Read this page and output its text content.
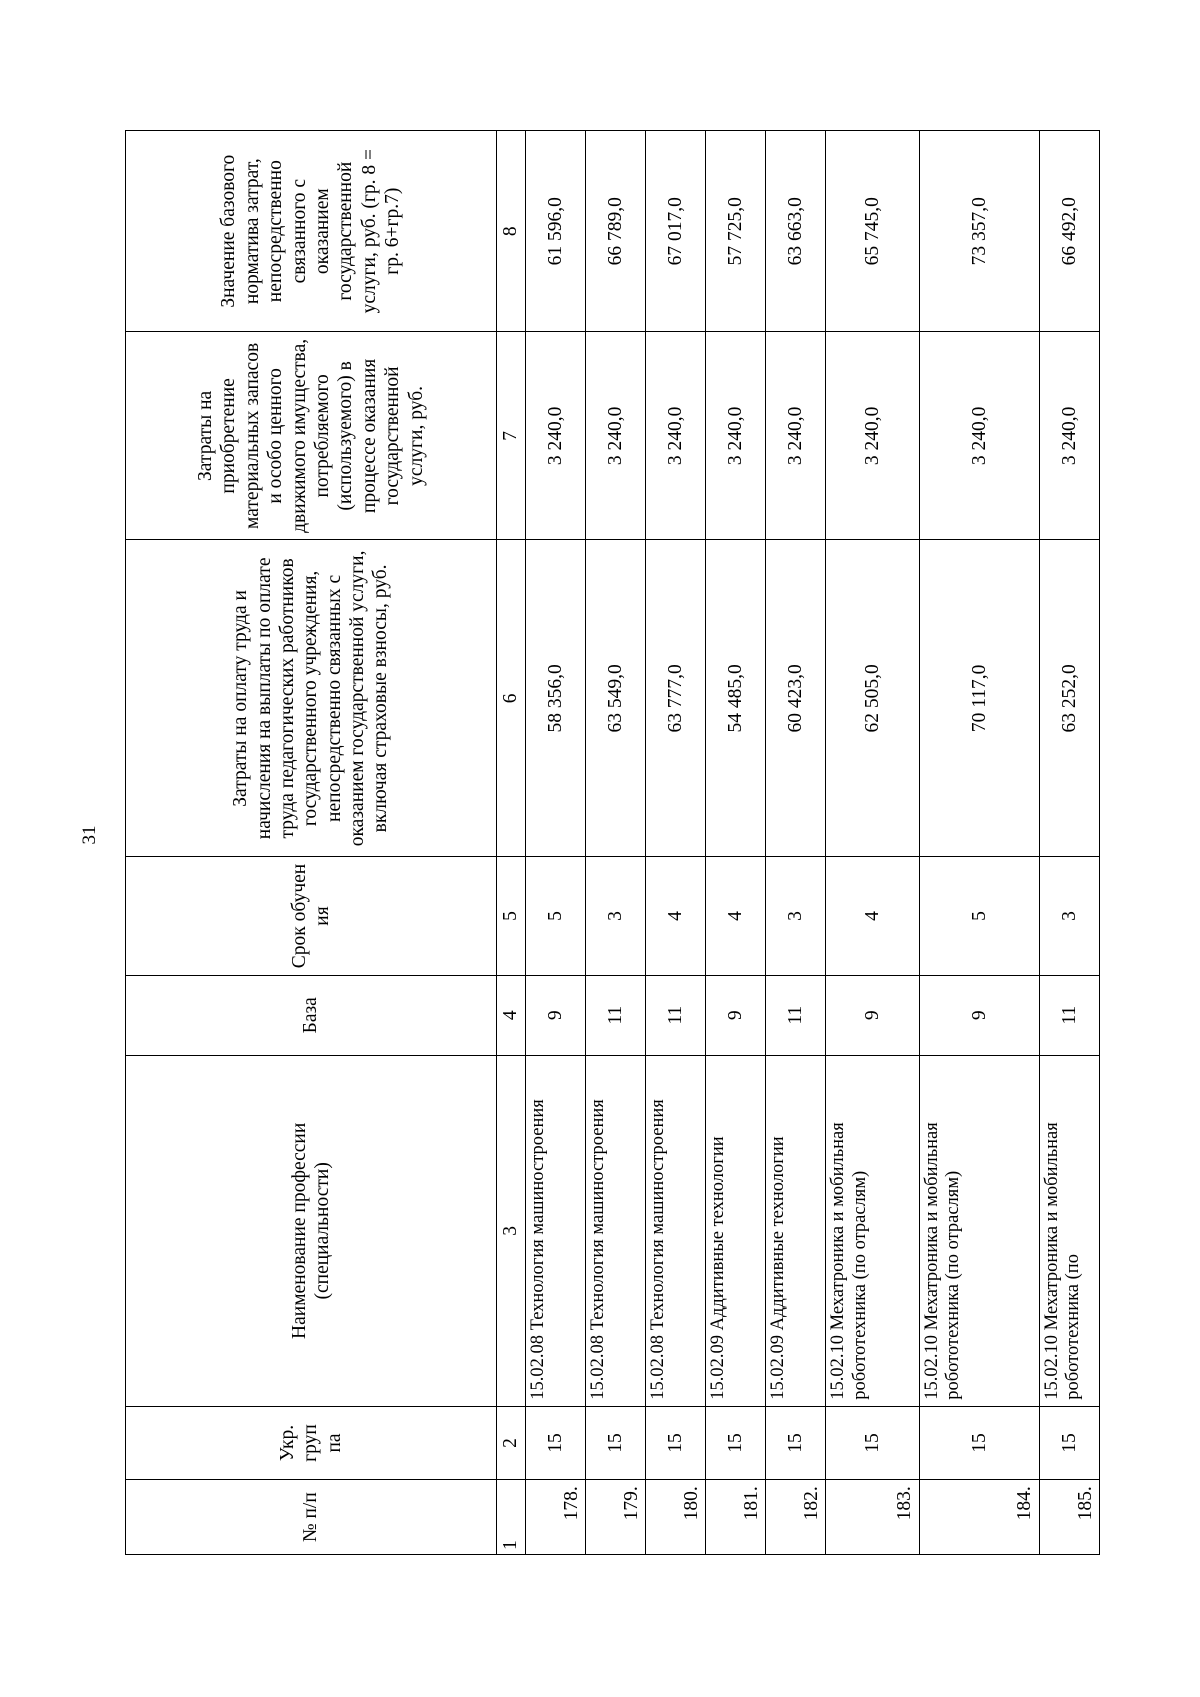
31
№ п/п	Укр. груп па	Наименование профессии (специальности)	База	Срок обучен ия	Затраты на оплату труда и начисления на выплаты по оплате труда педагогических работников государственного учреждения, непосредственно связанных с оказанием государственной услуги, включая страховые взносы, руб.	Затраты на приобретение материальных запасов и особо ценного движимого имущества, потребляемого (используемого) в процессе оказания государственной услуги, руб.	Значение базового норматива затрат, непосредственно связанного с оказанием государственной услуги, руб. (гр. 8 = гр. 6+гр.7)
1	2	3	4	5	6	7	8
178.	15	15.02.08 Технология машиностроения	9	5	58 356,0	3 240,0	61 596,0
179.	15	15.02.08 Технология машиностроения	11	3	63 549,0	3 240,0	66 789,0
180.	15	15.02.08 Технология машиностроения	11	4	63 777,0	3 240,0	67 017,0
181.	15	15.02.09 Аддитивные технологии	9	4	54 485,0	3 240,0	57 725,0
182.	15	15.02.09 Аддитивные технологии	11	3	60 423,0	3 240,0	63 663,0
183.	15	15.02.10 Мехатроника и мобильная робототехника (по отраслям)	9	4	62 505,0	3 240,0	65 745,0
184.	15	15.02.10 Мехатроника и мобильная робототехника (по отраслям)	9	5	70 117,0	3 240,0	73 357,0
185.	15	15.02.10 Мехатроника и мобильная робототехника (по	11	3	63 252,0	3 240,0	66 492,0
